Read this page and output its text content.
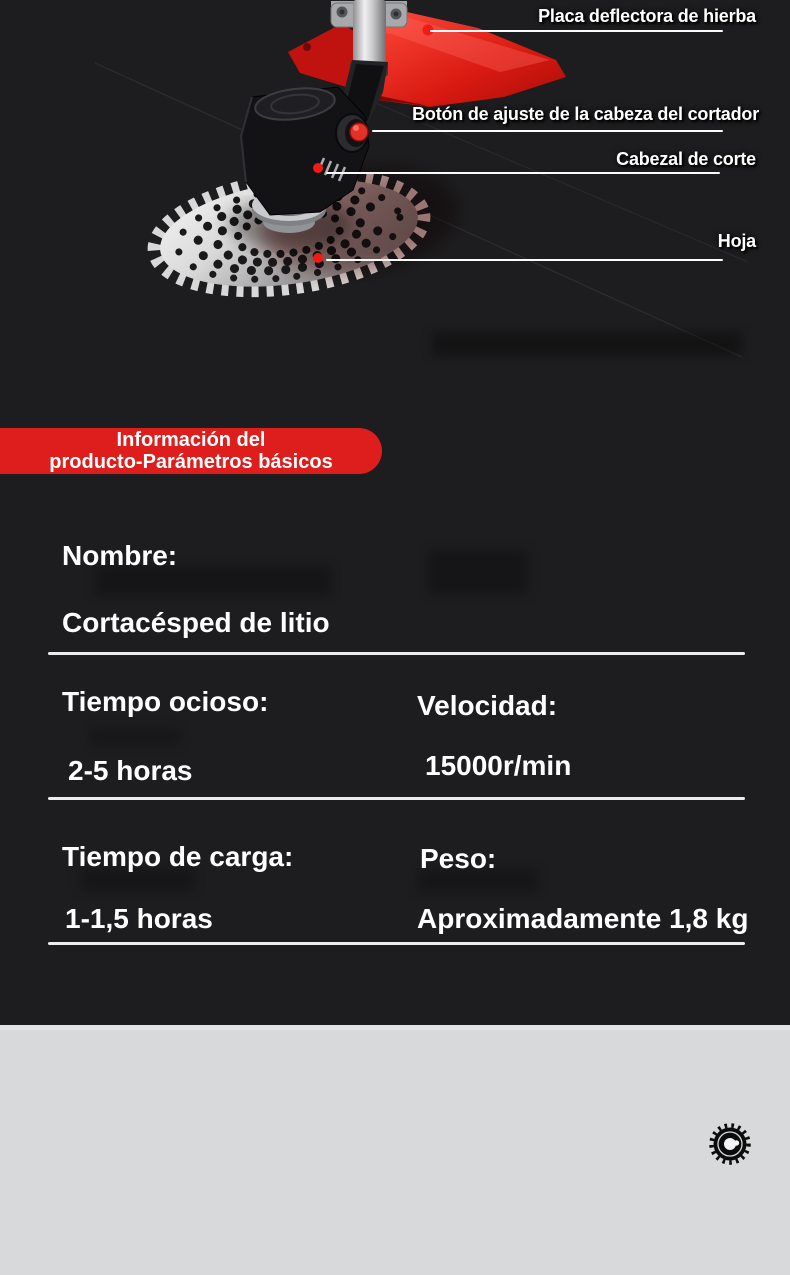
Placa deflectora de hierba
Botón de ajuste de la cabeza del cortador
Cabezal de corte
Hoja
Información del
producto-Parámetros básicos
Nombre:
Cortacésped de litio
Tiempo ocioso:	Velocidad:
2-5 horas	15000r/min
Tiempo de carga:	Peso:
1-1,5 horas	Aproximadamente 1,8 kg
